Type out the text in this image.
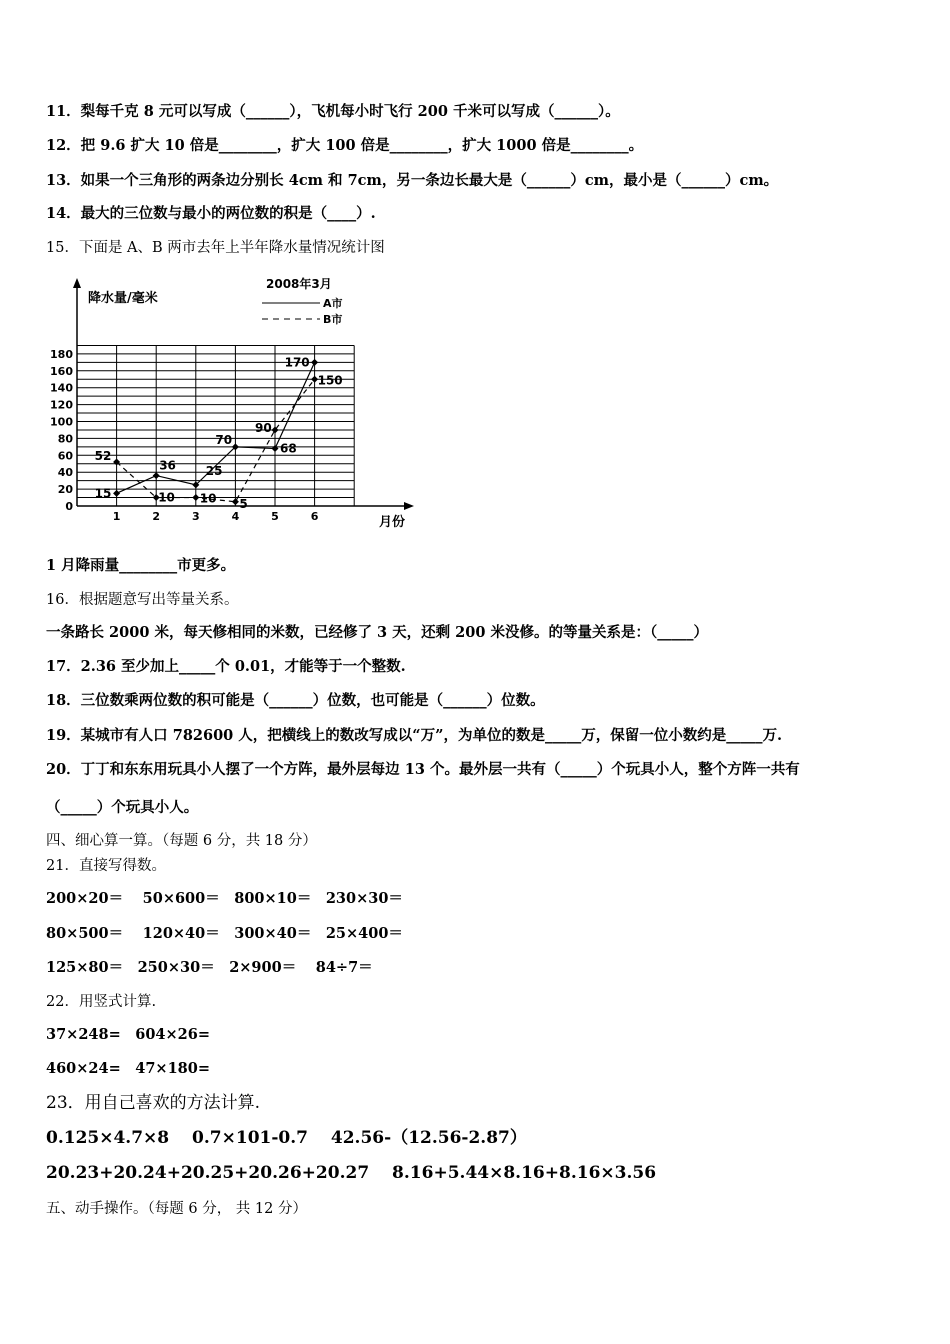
11．梨每千克 8 元可以写成（______），飞机每小时飞行 200 千米可以写成（______）。
12．把 9.6 扩大 10 倍是________，扩大 100 倍是________，扩大 1000 倍是________。
13．如果一个三角形的两条边分别长 4cm 和 7cm，另一条边长最大是（______）cm，最小是（______）cm。
14．最大的三位数与最小的两位数的积是（____）.
15．下面是 A、B 两市去年上半年降水量情况统计图
降水量/毫米
月份
2008年3月
A市
B市
0
20
40
60
80
100
120
140
160
180
1	2	3	4	5	6
15
36 25
70
68
170
52
10 10 5
90
150
1 月降雨量________市更多。
16．根据题意写出等量关系。
一条路长 2000 米，每天修相同的米数，已经修了 3 天，还剩 200 米没修。的等量关系是：（_____）
17．2.36 至少加上_____个 0.01，才能等于一个整数.
18．三位数乘两位数的积可能是（______）位数，也可能是（______）位数。
19．某城市有人口 782600 人，把横线上的数改写成以“万”，为单位的数是_____万，保留一位小数约是_____万.
20．丁丁和东东用玩具小人摆了一个方阵，最外层每边 13 个。最外层一共有（_____）个玩具小人，整个方阵一共有
（_____）个玩具小人。
四、细心算一算。（每题 6 分，共 18 分）
21．直接写得数。
200×20＝　 50×600＝　800×10＝　230×30＝
80×500＝　 120×40＝　300×40＝　25×400＝
125×80＝　250×30＝　2×900＝　 84÷7＝
22．用竖式计算.
37×248=　604×26=
460×24=　47×180=
23．用自己喜欢的方法计算.
0.125×4.7×8　 0.7×101-0.7　 42.56-（12.56-2.87）
20.23+20.24+20.25+20.26+20.27　 8.16+5.44×8.16+8.16×3.56
五、动手操作。（每题 6 分， 共 12 分）
